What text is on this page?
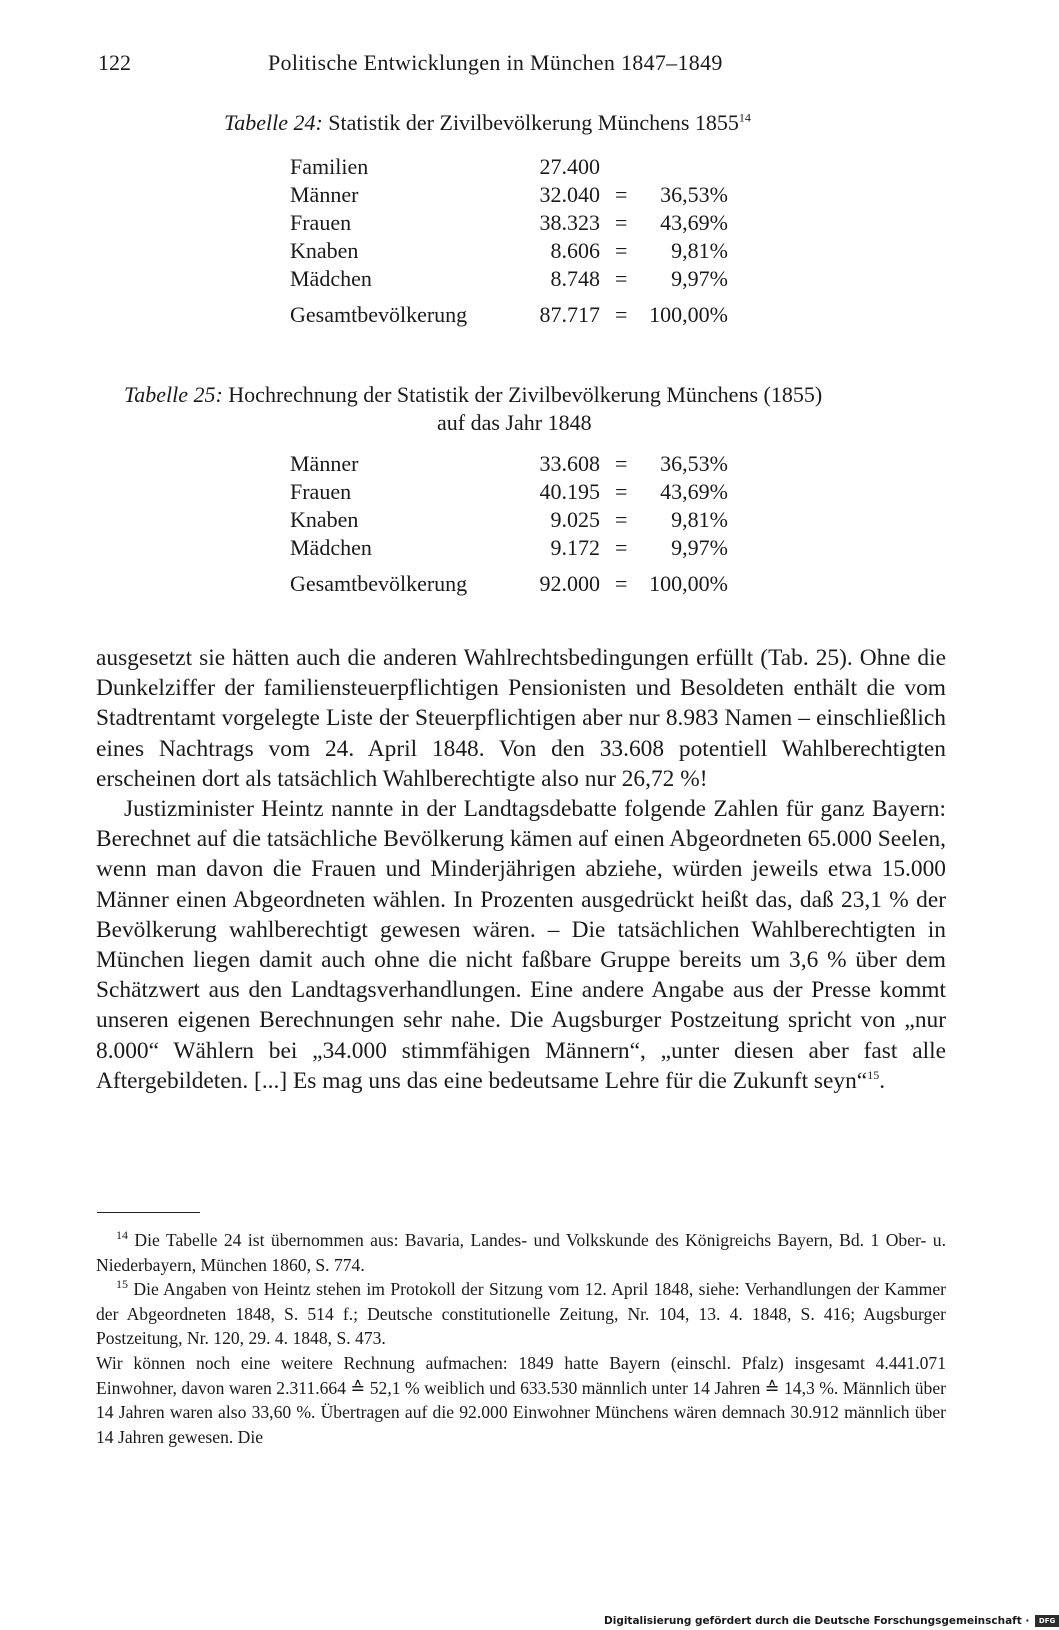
122	Politische Entwicklungen in München 1847–1849
Tabelle 24: Statistik der Zivilbevölkerung Münchens 1855$^{14}$
Familien	27.400
Männer	32.040 =	36,53%
Frauen	38.323 =	43,69%
Knaben	8.606 =	9,81%
Mädchen	8.748 =	9,97%
Gesamtbevölkerung	87.717 = 100,00%
Tabelle 25: Hochrechnung der Statistik der Zivilbevölkerung Münchens (1855)
auf das Jahr 1848
Männer	33.608 =	36,53%
Frauen	40.195 =	43,69%
Knaben	9.025 =	9,81%
Mädchen	9.172 =	9,97%
Gesamtbevölkerung	92.000 = 100,00%

ausgesetzt sie hätten auch die anderen Wahlrechtsbedingungen erfüllt (Tab. 25). Ohne die Dunkelziffer der familiensteuerpflichtigen Pensionisten und Besoldeten enthält die vom Stadtrentamt vorgelegte Liste der Steuerpflichtigen aber nur 8.983 Namen – einschließlich eines Nachtrags vom 24. April 1848. Von den 33.608 potentiell Wahlberechtigten erscheinen dort als tatsächlich Wahlberechtigte also nur 26,72 %!

Justizminister Heintz nannte in der Landtagsdebatte folgende Zahlen für ganz Bayern: Berechnet auf die tatsächliche Bevölkerung kämen auf einen Abgeordneten 65.000 Seelen, wenn man davon die Frauen und Minderjährigen abziehe, würden jeweils etwa 15.000 Männer einen Abgeordneten wählen. In Prozenten ausgedrückt heißt das, daß 23,1 % der Bevölkerung wahlberechtigt gewesen wären. – Die tatsächlichen Wahlberechtigten in München liegen damit auch ohne die nicht faßbare Gruppe bereits um 3,6 % über dem Schätzwert aus den Landtagsverhandlungen. Eine andere Angabe aus der Presse kommt unseren eigenen Berechnungen sehr nahe. Die Augsburger Postzeitung spricht von „nur 8.000“ Wählern bei „34.000 stimmfähigen Männern“, „unter diesen aber fast alle Aftergebildeten. [...] Es mag uns das eine bedeutsame Lehre für die Zukunft seyn“$^{15}$.

$^{14}$ Die Tabelle 24 ist übernommen aus: Bavaria, Landes- und Volkskunde des Königreichs Bayern, Bd. 1 Ober- u. Niederbayern, München 1860, S. 774.

$^{15}$ Die Angaben von Heintz stehen im Protokoll der Sitzung vom 12. April 1848, siehe: Verhandlungen der Kammer der Abgeordneten 1848, S. 514 f.; Deutsche constitutionelle Zeitung, Nr. 104, 13. 4. 1848, S. 416; Augsburger Postzeitung, Nr. 120, 29. 4. 1848, S. 473.

Wir können noch eine weitere Rechnung aufmachen: 1849 hatte Bayern (einschl. Pfalz) insgesamt 4.441.071 Einwohner, davon waren 2.311.664 ≙ 52,1 % weiblich und 633.530 männlich unter 14 Jahren ≙ 14,3 %. Männlich über 14 Jahren waren also 33,60 %. Übertragen auf die 92.000 Einwohner Münchens wären demnach 30.912 männlich über 14 Jahren gewesen. Die

Digitalisierung gefördert durch die Deutsche Forschungsgemeinschaft · DFG
